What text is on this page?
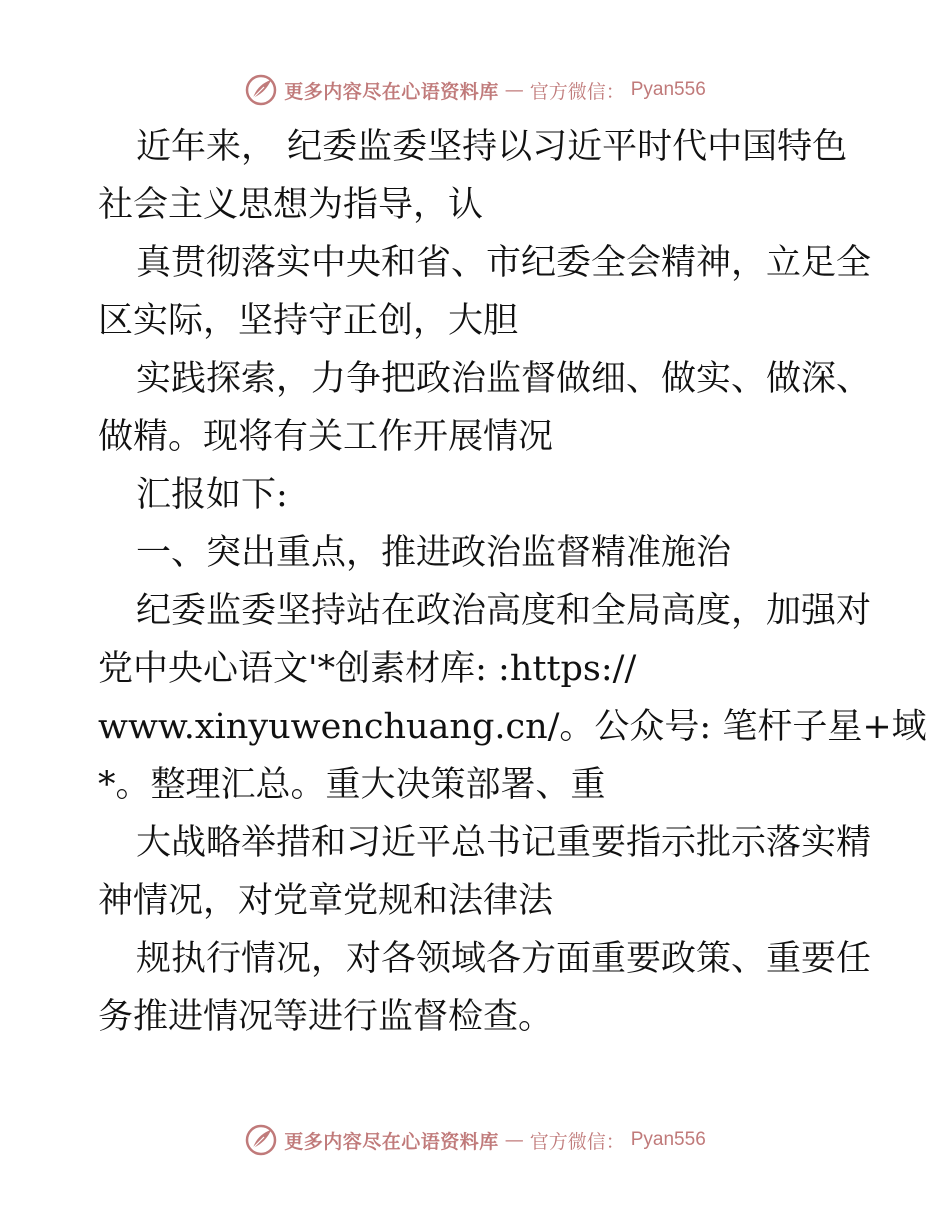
更多内容尽在心语资料库 — 官方微信： Pyan556

近年来， 纪委监委坚持以习近平时代中国特色
社会主义思想为指导，认

真贯彻落实中央和省、市纪委全会精神，立足全
区实际，坚持守正创，大胆

实践探索，力争把政治监督做细、做实、做深、
做精。现将有关工作开展情况

汇报如下:

一、突出重点，推进政治监督精准施治

纪委监委坚持站在政治高度和全局高度，加强对
党中央心语文'*创素材库: :https://
www.xinyuwenchuang.cn/。公众号: 笔杆子星+域
*。整理汇总。重大决策部署、重

大战略举措和习近平总书记重要指示批示落实精
神情况，对党章党规和法律法

规执行情况，对各领域各方面重要政策、重要任
务推进情况等进行监督检查。

更多内容尽在心语资料库 — 官方微信： Pyan556
